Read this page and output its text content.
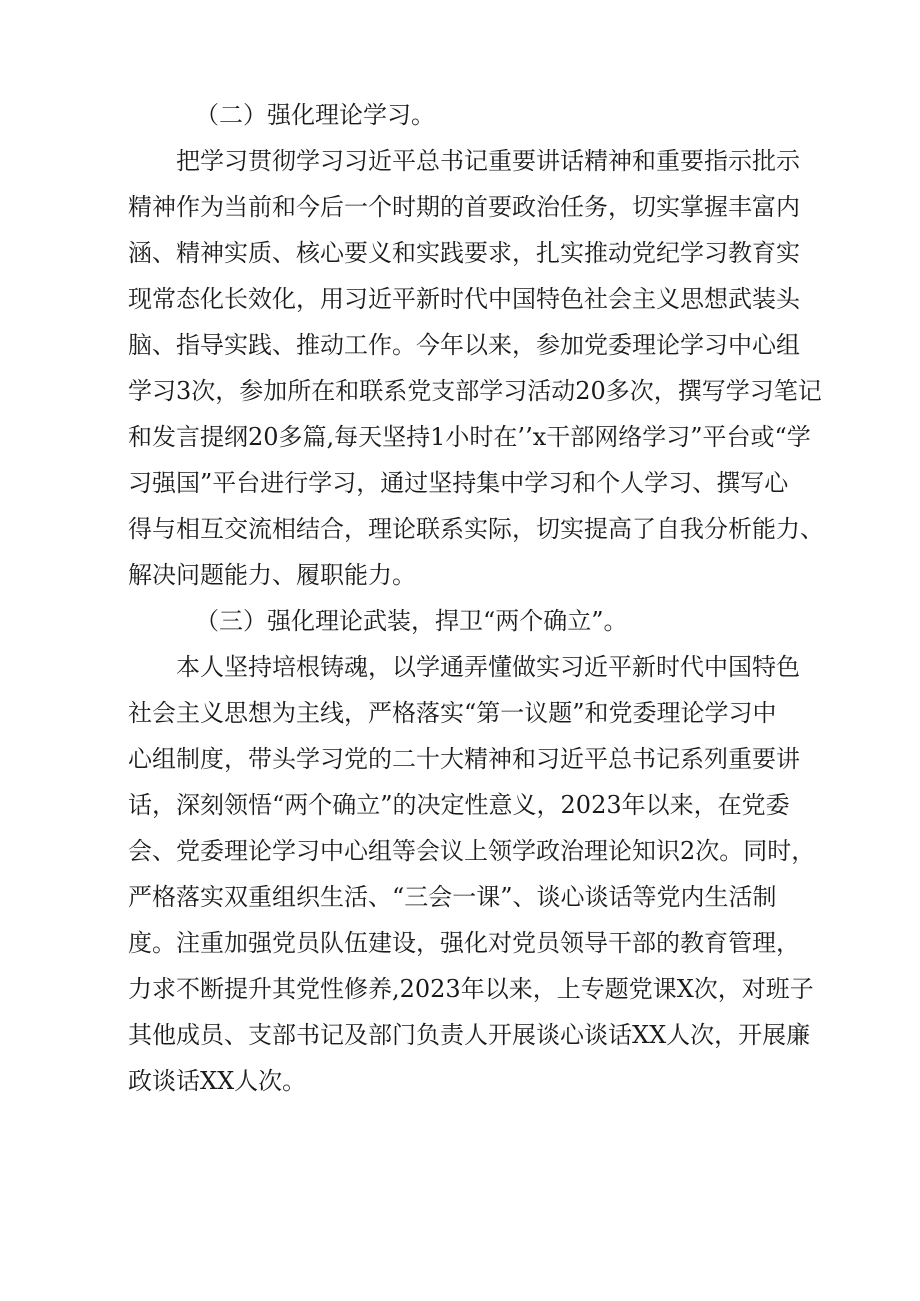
（二）强化理论学习。
把学习贯彻学习习近平总书记重要讲话精神和重要指示批示
精神作为当前和今后一个时期的首要政治任务，切实掌握丰富内
涵、精神实质、核心要义和实践要求，扎实推动党纪学习教育实
现常态化长效化，用习近平新时代中国特色社会主义思想武装头
脑、指导实践、推动工作。今年以来，参加党委理论学习中心组
学习3次，参加所在和联系党支部学习活动20多次，撰写学习笔记
和发言提纲20多篇,每天坚持1小时在’’x干部网络学习”平台或“学
习强国”平台进行学习，通过坚持集中学习和个人学习、撰写心
得与相互交流相结合，理论联系实际，切实提高了自我分析能力、
解决问题能力、履职能力。
（三）强化理论武装，捍卫“两个确立”。
本人坚持培根铸魂，以学通弄懂做实习近平新时代中国特色
社会主义思想为主线，严格落实“第一议题”和党委理论学习中
心组制度，带头学习党的二十大精神和习近平总书记系列重要讲
话，深刻领悟“两个确立”的决定性意义，2023年以来，在党委
会、党委理论学习中心组等会议上领学政治理论知识2次。同时，
严格落实双重组织生活、“三会一课”、谈心谈话等党内生活制
度。注重加强党员队伍建设，强化对党员领导干部的教育管理，
力求不断提升其党性修养,2023年以来，上专题党课X次，对班子
其他成员、支部书记及部门负责人开展谈心谈话XX人次，开展廉
政谈话XX人次。
